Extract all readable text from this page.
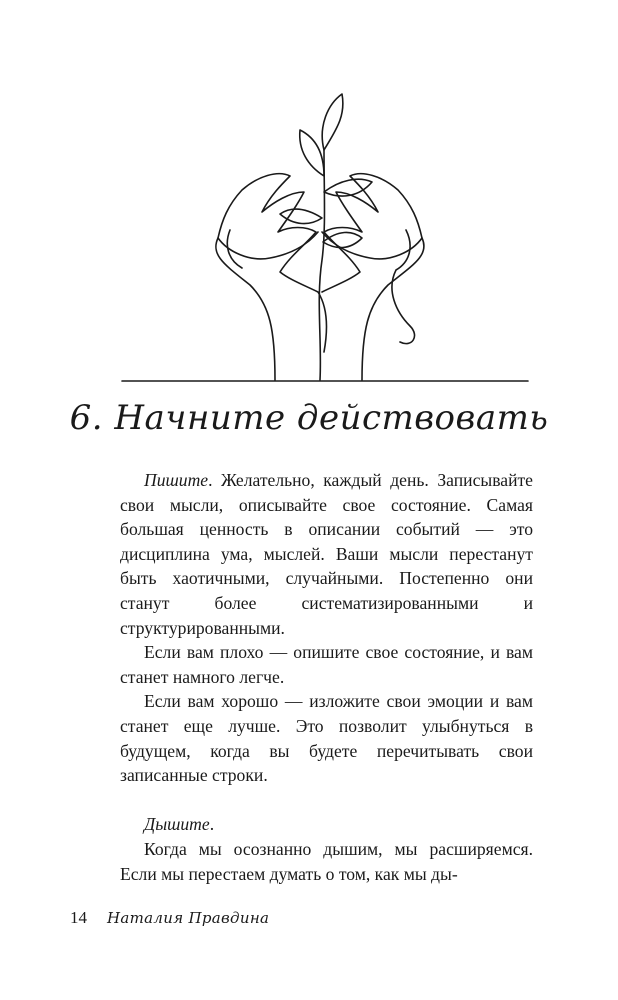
6. Начните действовать

Пишите. Желательно, каждый день. Записывайте свои мысли, описывайте свое состояние. Самая большая ценность в описании событий — это дисциплина ума, мыслей. Ваши мысли перестанут быть хаотичными, случайными. Постепенно они станут более систематизированными и структурированными.

Если вам плохо — опишите свое состояние, и вам станет намного легче.

Если вам хорошо — изложите свои эмоции и вам станет еще лучше. Это позволит улыбнуться в будущем, когда вы будете перечитывать свои записанные строки.

Дышите.

Когда мы осознанно дышим, мы расширяемся. Если мы перестаем думать о том, как мы ды-

14 Наталия Правдина
